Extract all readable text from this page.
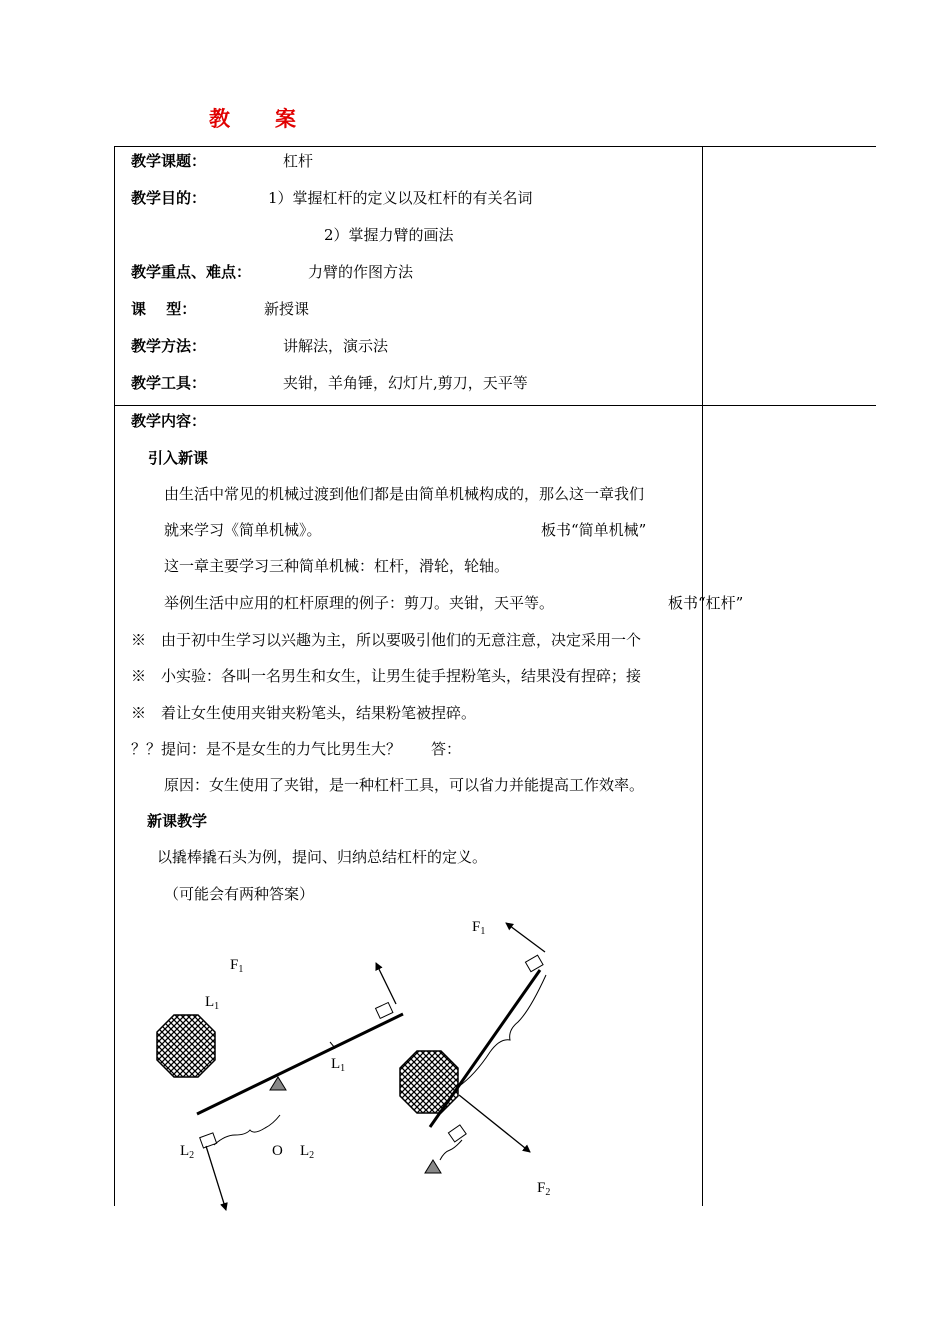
教　案
教学课题：	杠杆
教学目的：	1）掌握杠杆的定义以及杠杆的有关名词
2）掌握力臂的画法
教学重点、难点：	力臂的作图方法
课　 型：	新授课
教学方法：	讲解法，演示法
教学工具：	夹钳，羊角锤，幻灯片,剪刀，天平等
教学内容：
引入新课
由生活中常见的机械过渡到他们都是由简单机械构成的，那么这一章我们
就来学习《简单机械》。	板书“简单机械”
这一章主要学习三种简单机械：杠杆，滑轮，轮轴。
举例生活中应用的杠杆原理的例子：剪刀。夹钳，天平等。	板书“杠杆”
※　由于初中生学习以兴趣为主，所以要吸引他们的无意注意，决定采用一个
※　小实验：各叫一名男生和女生，让男生徒手捏粉笔头，结果没有捏碎；接
※　着让女生使用夹钳夹粉笔头，结果粉笔被捏碎。
？？提问：是不是女生的力气比男生大？　　答：
原因：女生使用了夹钳，是一种杠杆工具，可以省力并能提高工作效率。
新课教学
以撬棒撬石头为例，提问、归纳总结杠杆的定义。
（可能会有两种答案）
$F_1$
$L_1$
$L_1$
$L_2$	O $L_2$
$F_1$
$F_2$
